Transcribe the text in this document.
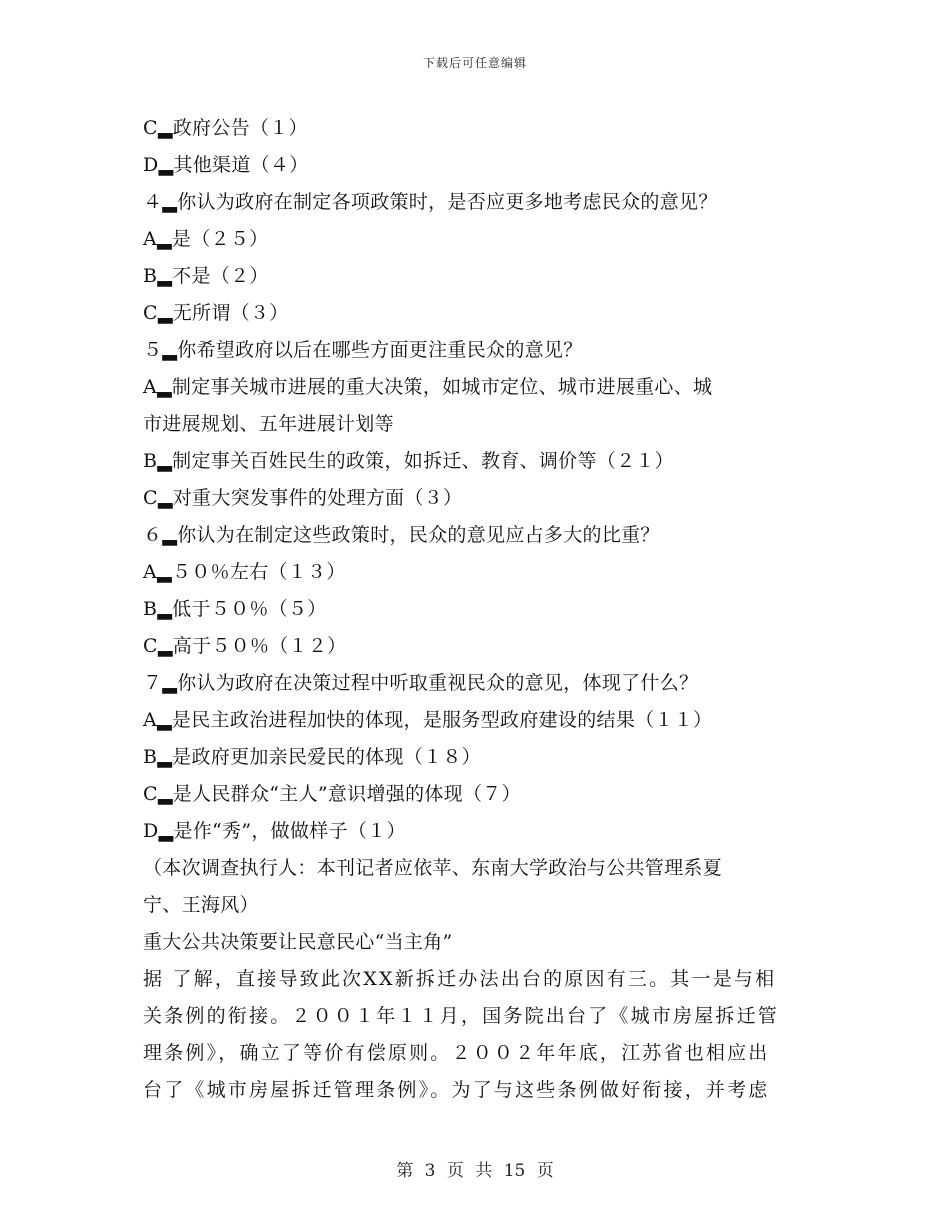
下载后可任意编辑
C▂政府公告（１）
D▂其他渠道（４）
４▂你认为政府在制定各项政策时，是否应更多地考虑民众的意见？
A▂是（２５）
B▂不是（２）
C▂无所谓（３）
５▂你希望政府以后在哪些方面更注重民众的意见？
A▂制定事关城市进展的重大决策，如城市定位、城市进展重心、城
市进展规划、五年进展计划等
B▂制定事关百姓民生的政策，如拆迁、教育、调价等（２１）
C▂对重大突发事件的处理方面（３）
６▂你认为在制定这些政策时，民众的意见应占多大的比重？
A▂５０％左右（１３）
B▂低于５０％（５）
C▂高于５０％（１２）
７▂你认为政府在决策过程中听取重视民众的意见，体现了什么？
A▂是民主政治进程加快的体现，是服务型政府建设的结果（１１）
B▂是政府更加亲民爱民的体现（１８）
C▂是人民群众“主人”意识增强的体现（７）
D▂是作“秀”，做做样子（１）
（本次调查执行人：本刊记者应依苹、东南大学政治与公共管理系夏
宁、王海风）
重大公共决策要让民意民心“当主角”
据 了解，直接导致此次XX新拆迁办法出台的原因有三。其一是与相
关条例的衔接。２００１年１１月，国务院出台了《城市房屋拆迁管
理条例》，确立了等价有偿原则。２００２年年底，江苏省也相应出
台了《城市房屋拆迁管理条例》。为了与这些条例做好衔接，并考虑
第 3 页 共 15 页
